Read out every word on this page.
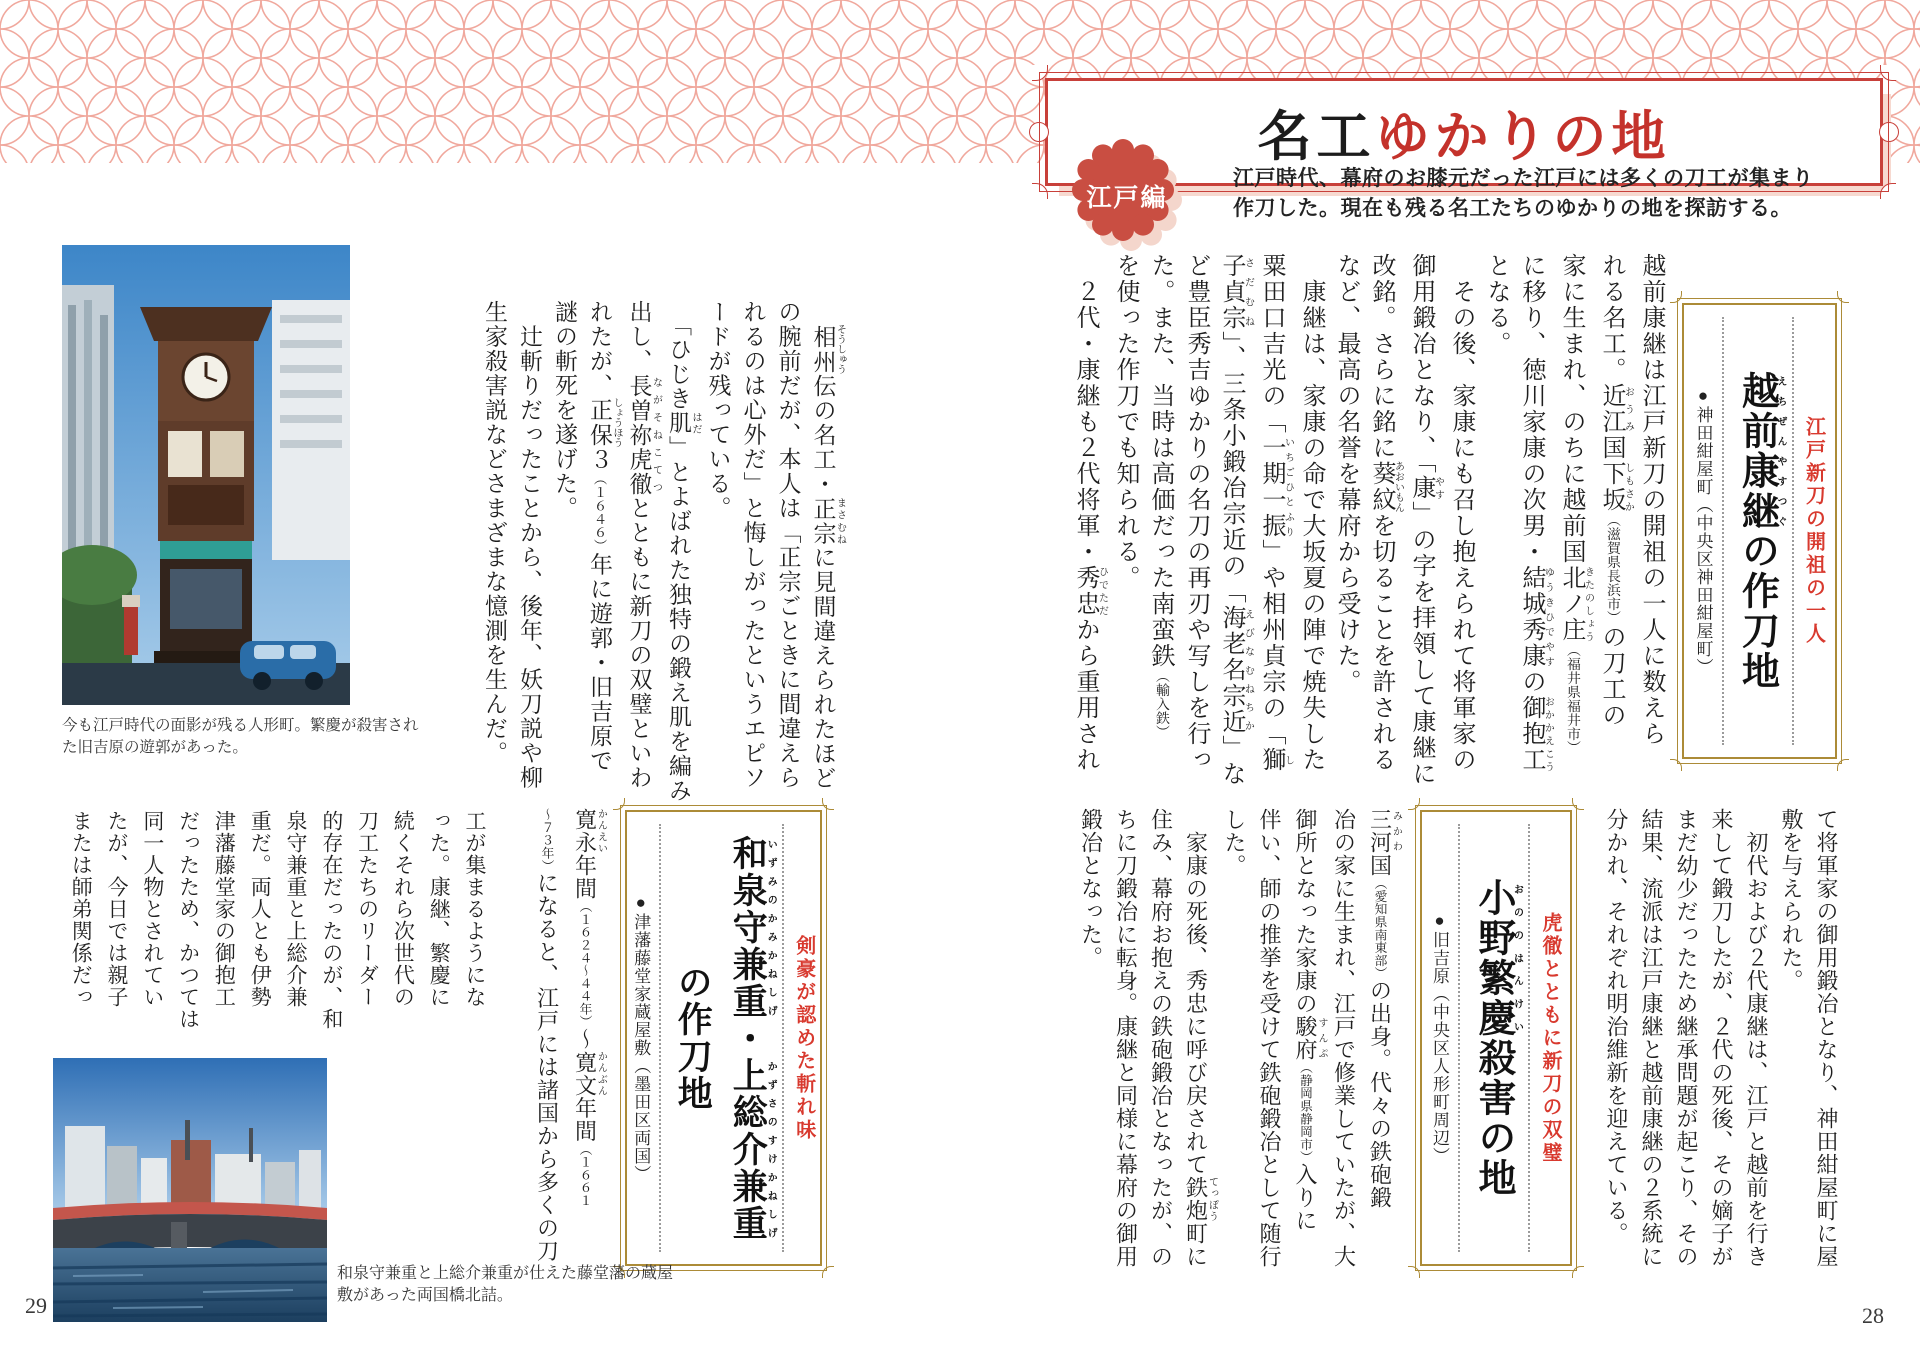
名工 ゆかりの地
江戸編
江戸時代、幕府のお膝元だった江戸には多くの刀工が集まり
作刀した。現在も残る名工たちのゆかりの地を探訪する。
江戸新刀の開祖の一人
越前康継えちぜんやすつぐの作刀地
●神田紺屋町（中央区神田紺屋町）

越前康継は江戸新刀の開祖の一人に数えら

れる名工。近江おうみ国下坂しもさか（滋賀県長浜市）の刀工の

家に生まれ、のちに越前国北ノ庄きたのしょう（福井県福井市）

に移り、徳川家康の次男・結城秀康ゆうきひでやすの御抱工おかかえこう

となる。

　その後、家康にも召し抱えられて将軍家の

御用鍛冶となり、「康やす」の字を拝領して康継に

改銘。さらに銘に葵紋あおいもんを切ることを許される

など、最高の名誉を幕府から受けた。

　康継は、家康の命で大坂夏の陣で焼失した

粟田口吉光の「一期一振いちごひとふり」や相州貞宗の「獅し

子貞宗さだむね」、三条小鍛冶宗近の「海老名宗近えびなむねちか」な

ど豊臣秀吉ゆかりの名刀の再刃や写しを行っ

た。また、当時は高価だった南蛮鉄（輸入鉄）

を使った作刀でも知られる。

　２代・康継も２代将軍・秀忠ひでただから重用され

て将軍家の御用鍛冶となり、神田紺屋町に屋

敷を与えられた。

　初代および２代康継は、江戸と越前を行き

来して鍛刀したが、２代の死後、その嫡子が

まだ幼少だったため継承問題が起こり、その

結果、流派は江戸康継と越前康継の２系統に

分かれ、それぞれ明治維新を迎えている。

虎徹とともに新刀の双璧
小野繁慶おののはんけい殺害の地
●旧吉原（中央区人形町周辺）

三河みかわ国（愛知県南東部）の出身。代々の鉄砲鍛

冶の家に生まれ、江戸で修業していたが、大

御所となった家康の駿府すんぷ（静岡県静岡市）入りに

伴い、師の推挙を受けて鉄砲鍛冶として随行

した。

　家康の死後、秀忠に呼び戻されて鉄炮てっぽう町に

住み、幕府お抱えの鉄砲鍛冶となったが、の

ちに刀鍛冶に転身。康継と同様に幕府の御用

鍛冶となった。

　相州 そうしゅう伝の名工・正宗 まさむねに見間違えられたほど

の腕前だが、本人は「正宗ごときに間違えら

れるのは心外だ」と悔しがったというエピソ

ードが残っている。

　「ひじき肌 はだ」とよばれた独特の鍛え肌を編み

出し、長曽祢虎徹 ながそねこてつとともに新刀の双璧といわ

れたが、正保 しょうほう３（１６４６）年に遊郭・旧吉原で

謎の斬死を遂げた。

　辻斬りだったことから、後年、妖刀説や柳

生家殺害説などさまざまな憶測を生んだ。

剣豪が認めた斬れ味
和泉守兼重いずみのかみかねしげ・上総介兼重かずさのすけかねしげ
の作刀地
●津藩藤堂家蔵屋敷（墨田区両国）

寛永かんえい年間（１６２４～４４年）～寛文かんぶん年間（１６６１

～７３年）になると、江戸には諸国から多くの刀

工が集まるようにな

った。康継、繁慶に

続くそれら次世代の

刀工たちのリーダー

的存在だったのが、和

泉守兼重と上総介兼

重だ。両人とも伊勢

津藩藤堂家の御抱工

だったため、かつては

同一人物とされてい

たが、今日では親子

または師弟関係だっ

今も江戸時代の面影が残る人形町。繁慶が殺害され
た旧吉原の遊郭があった。
和泉守兼重と上総介兼重が仕えた藤堂藩の蔵屋
敷があった両国橋北詰。
29	28
